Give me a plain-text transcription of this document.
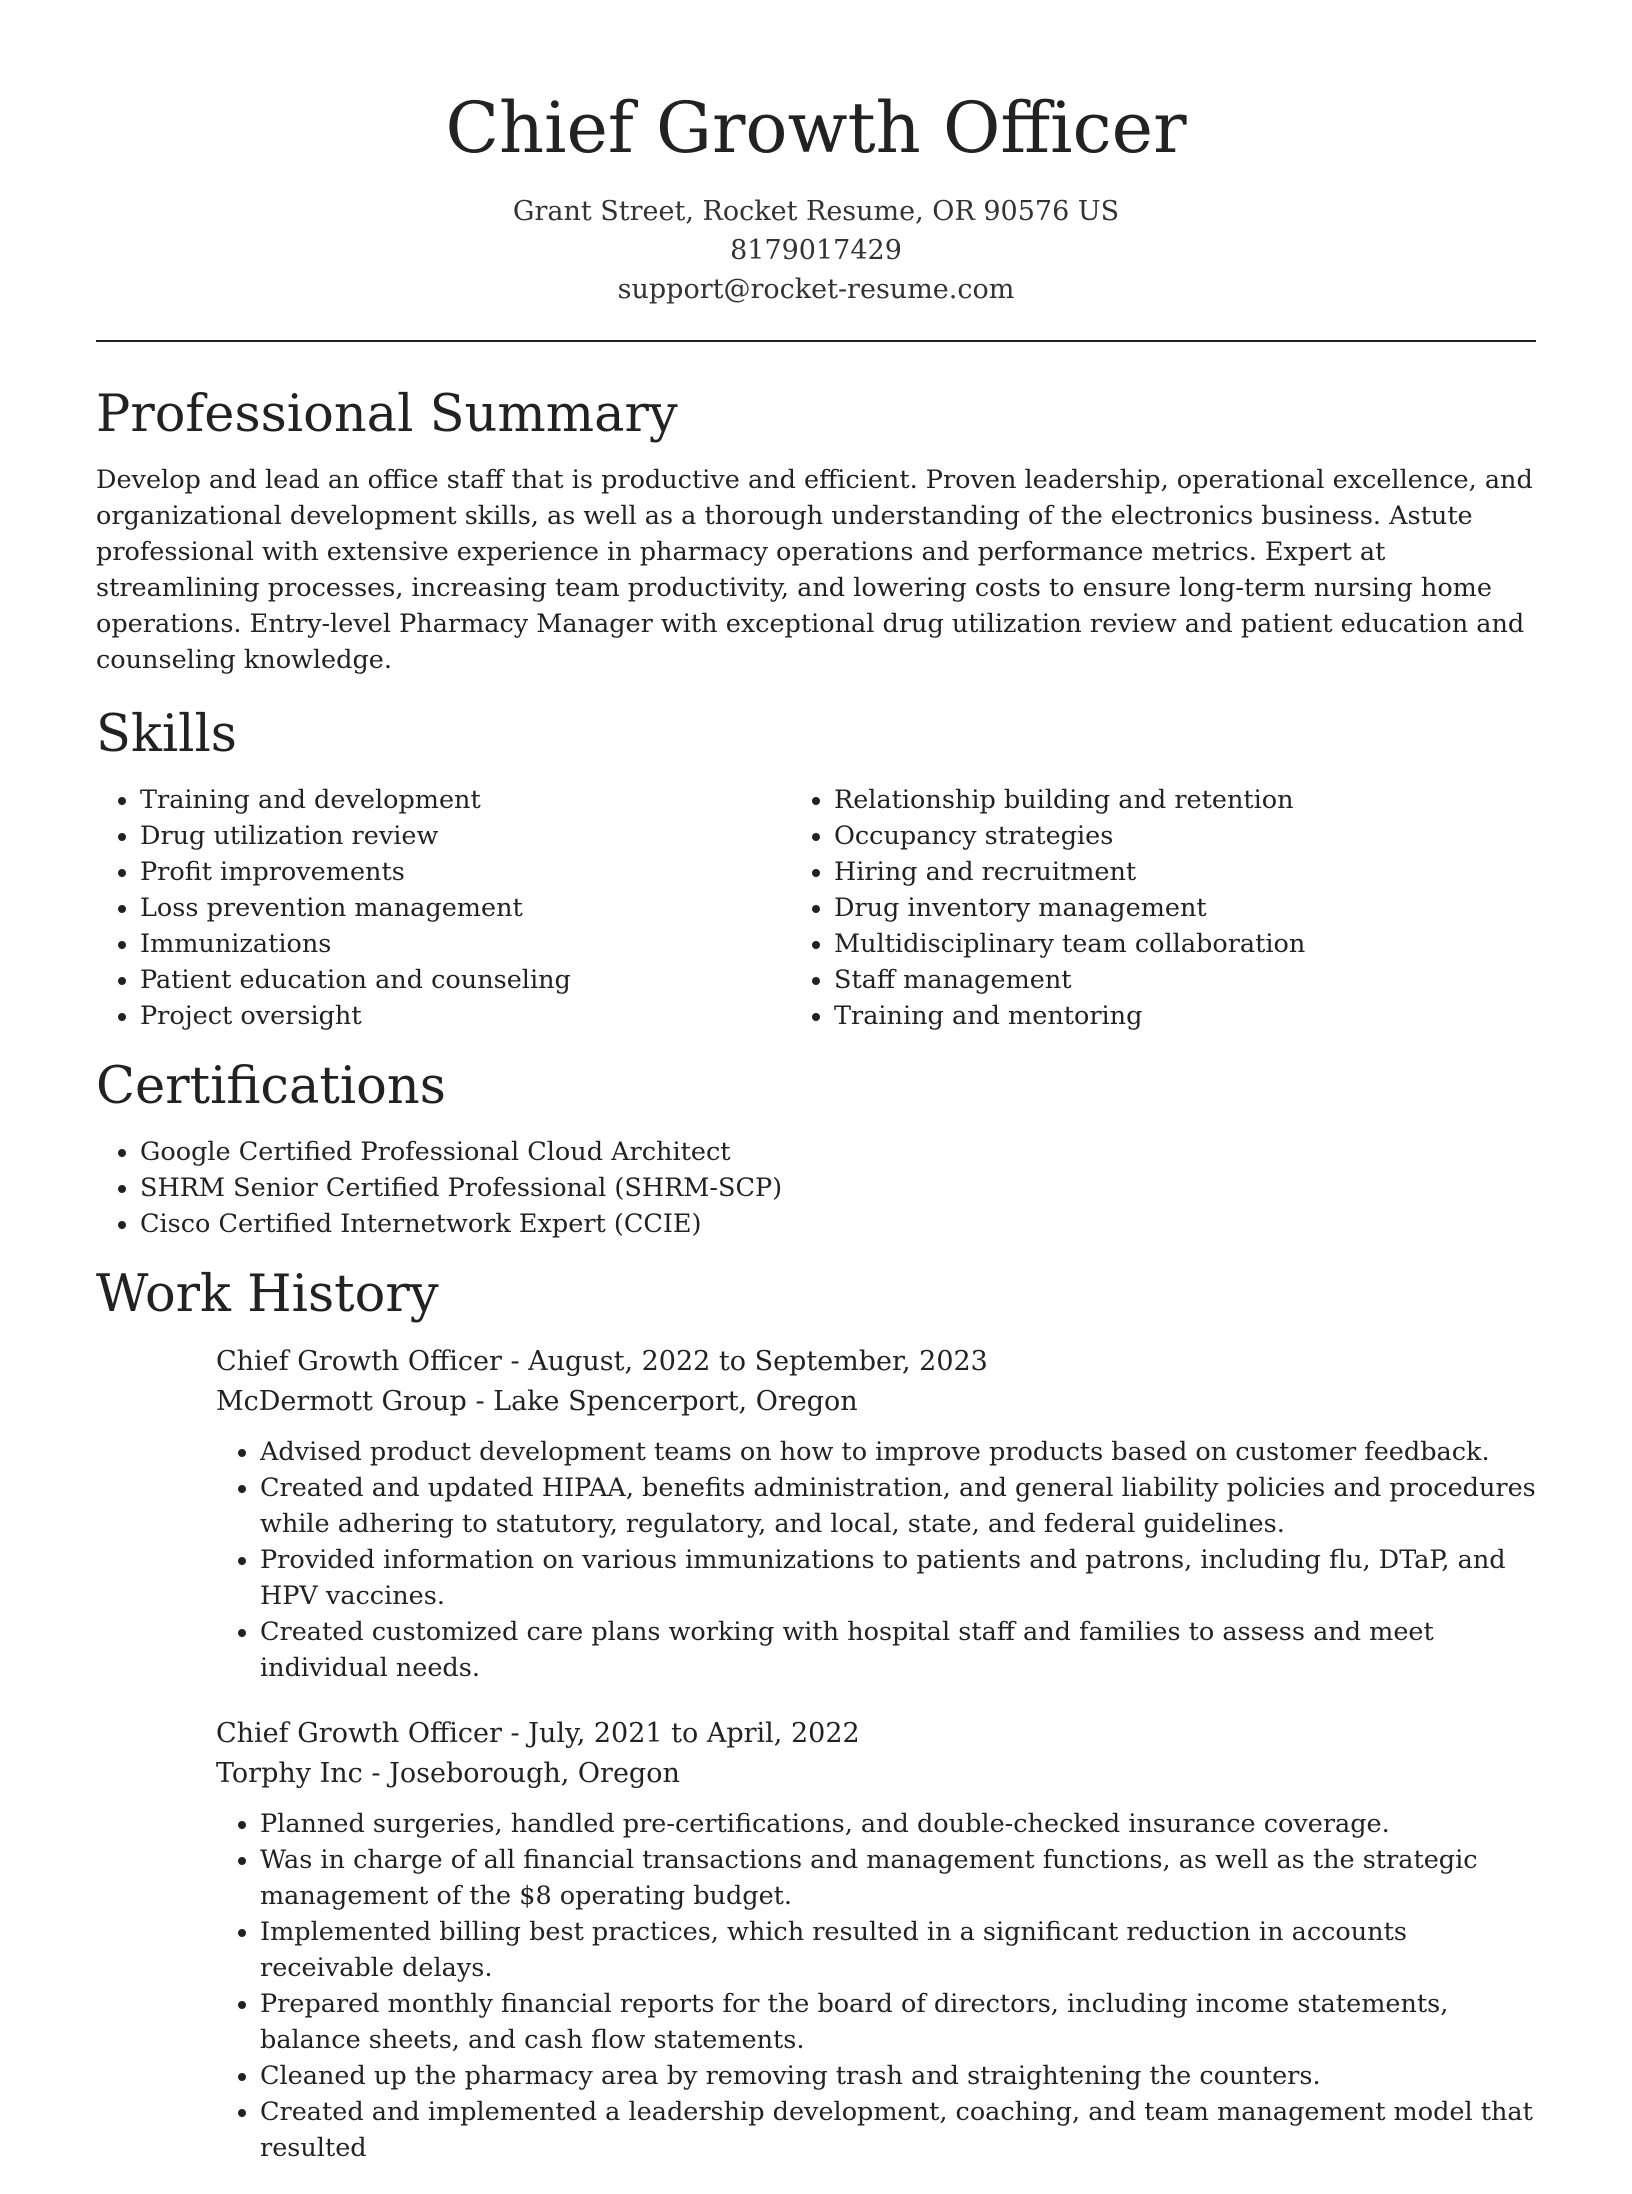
Chief Growth Officer
Grant Street, Rocket Resume, OR 90576 US
8179017429
support@rocket-resume.com
Professional Summary

Develop and lead an office staff that is productive and efficient. Proven leadership, operational excellence, and organizational development skills, as well as a thorough understanding of the electronics business. Astute professional with extensive experience in pharmacy operations and performance metrics. Expert at streamlining processes, increasing team productivity, and lowering costs to ensure long-term nursing home operations. Entry-level Pharmacy Manager with exceptional drug utilization review and patient education and counseling knowledge.

Skills
• Training and development
• Drug utilization review
• Profit improvements
• Loss prevention management
• Immunizations
• Patient education and counseling
• Project oversight
• Relationship building and retention
• Occupancy strategies
• Hiring and recruitment
• Drug inventory management
• Multidisciplinary team collaboration
• Staff management
• Training and mentoring
Certifications
• Google Certified Professional Cloud Architect
• SHRM Senior Certified Professional (SHRM-SCP)
• Cisco Certified Internetwork Expert (CCIE)
Work History
Chief Growth Officer - August, 2022 to September, 2023
McDermott Group - Lake Spencerport, Oregon
• Advised product development teams on how to improve products based on customer feedback.
• Created and updated HIPAA, benefits administration, and general liability policies and procedures while adhering to statutory, regulatory, and local, state, and federal guidelines.
• Provided information on various immunizations to patients and patrons, including flu, DTaP, and HPV vaccines.
• Created customized care plans working with hospital staff and families to assess and meet individual needs.
Chief Growth Officer - July, 2021 to April, 2022
Torphy Inc - Joseborough, Oregon
• Planned surgeries, handled pre-certifications, and double-checked insurance coverage.
• Was in charge of all financial transactions and management functions, as well as the strategic management of the $8 operating budget.
• Implemented billing best practices, which resulted in a significant reduction in accounts receivable delays.
• Prepared monthly financial reports for the board of directors, including income statements, balance sheets, and cash flow statements.
• Cleaned up the pharmacy area by removing trash and straightening the counters.
• Created and implemented a leadership development, coaching, and team management model that resulted
